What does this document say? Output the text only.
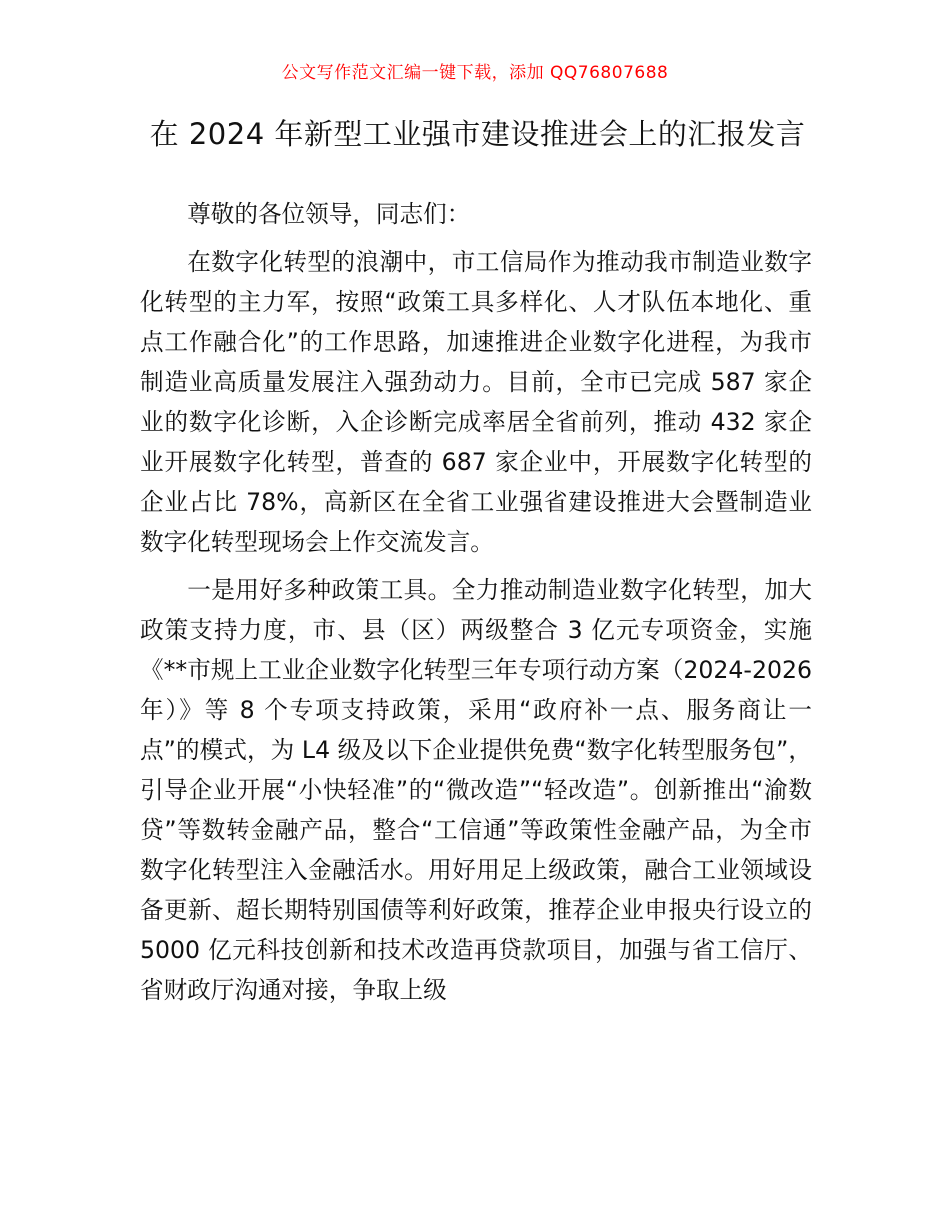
公文写作范文汇编一键下载，添加 QQ76807688
在 2024 年新型工业强市建设推进会上的汇报发言

尊敬的各位领导，同志们：

在数字化转型的浪潮中，市工信局作为推动我市制造业数字化转型的主力军，按照“政策工具多样化、人才队伍本地化、重点工作融合化”的工作思路，加速推进企业数字化进程，为我市制造业高质量发展注入强劲动力。目前，全市已完成 587 家企业的数字化诊断，入企诊断完成率居全省前列，推动 432 家企业开展数字化转型，普查的 687 家企业中，开展数字化转型的企业占比 78%，高新区在全省工业强省建设推进大会暨制造业数字化转型现场会上作交流发言。

一是用好多种政策工具。全力推动制造业数字化转型，加大政策支持力度，市、县（区）两级整合 3 亿元专项资金，实施《**市规上工业企业数字化转型三年专项行动方案（2024-2026 年）》等 8 个专项支持政策，采用“政府补一点、服务商让一点”的模式，为 L4 级及以下企业提供免费“数字化转型服务包”，引导企业开展“小快轻准”的“微改造”“轻改造”。创新推出“渝数贷”等数转金融产品，整合“工信通”等政策性金融产品，为全市数字化转型注入金融活水。用好用足上级政策，融合工业领域设备更新、超长期特别国债等利好政策，推荐企业申报央行设立的 5000 亿元科技创新和技术改造再贷款项目，加强与省工信厅、省财政厅沟通对接，争取上级
